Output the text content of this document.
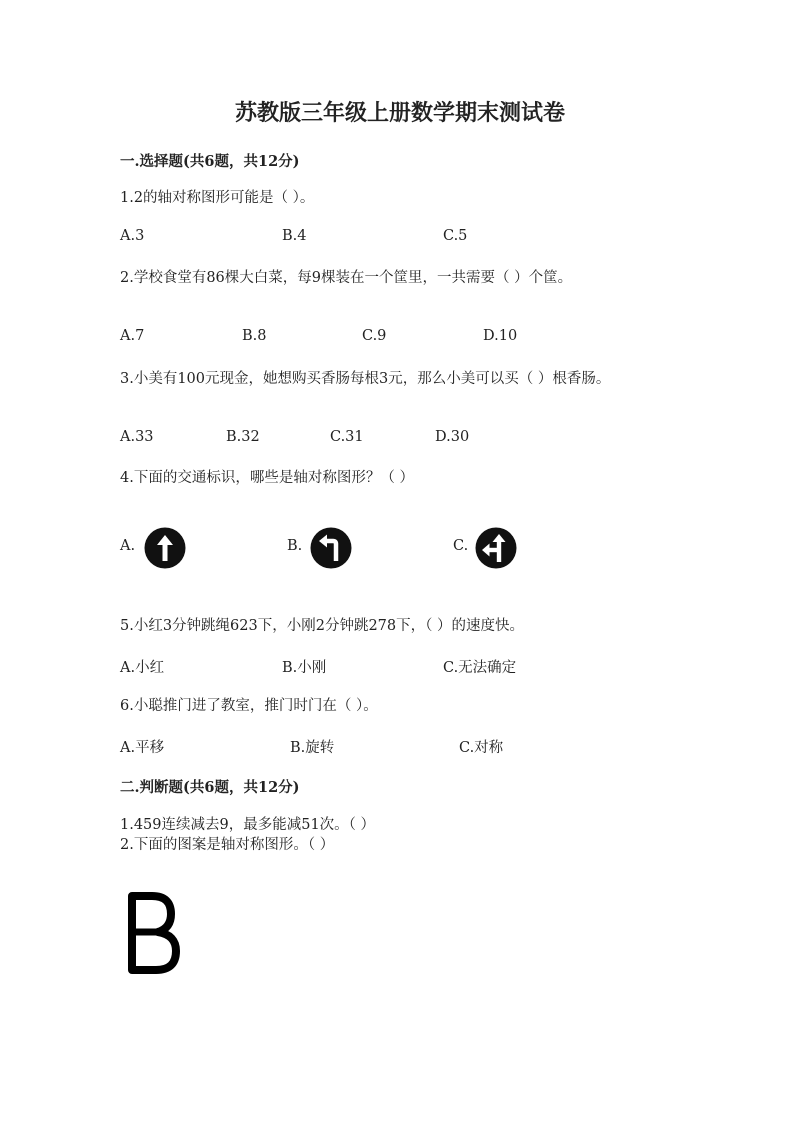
苏教版三年级上册数学期末测试卷
一.选择题(共6题，共12分)
1.2的轴对称图形可能是（ ）。
A.3	B.4	C.5
2.学校食堂有86棵大白菜，每9棵装在一个筐里，一共需要（ ）个筐。
A.7	B.8	C.9	D.10
3.小美有100元现金，她想购买香肠每根3元，那么小美可以买（ ）根香肠。
A.33	B.32	C.31	D.30
4.下面的交通标识，哪些是轴对称图形？（ ）
A.	B.	C.
5.小红3分钟跳绳623下，小刚2分钟跳278下，（ ）的速度快。
A.小红	B.小刚	C.无法确定
6.小聪推门进了教室，推门时门在（ ）。
A.平移	B.旋转	C.对称
二.判断题(共6题，共12分)
1.459连续减去9，最多能减51次。（ ）
2.下面的图案是轴对称图形。（ ）
